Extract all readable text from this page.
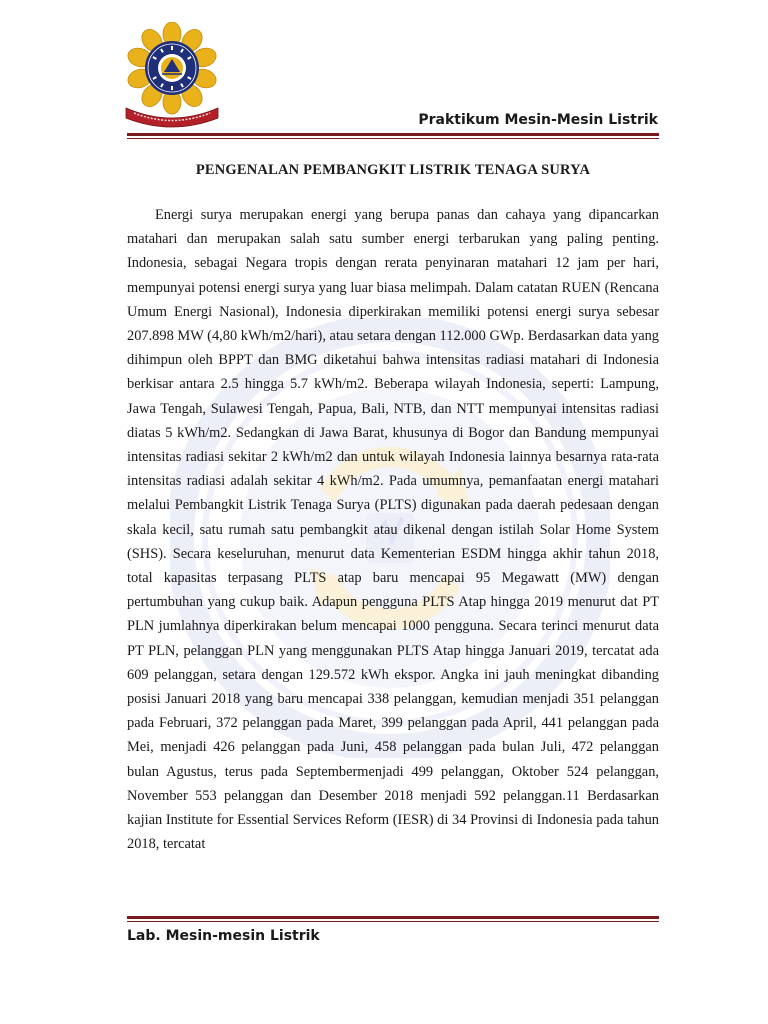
Praktikum Mesin-Mesin Listrik
PENGENALAN PEMBANGKIT LISTRIK TENAGA SURYA

Energi surya merupakan energi yang berupa panas dan cahaya yang dipancarkan matahari dan merupakan salah satu sumber energi terbarukan yang paling penting. Indonesia, sebagai Negara tropis dengan rerata penyinaran matahari 12 jam per hari, mempunyai potensi energi surya yang luar biasa melimpah. Dalam catatan RUEN (Rencana Umum Energi Nasional), Indonesia diperkirakan memiliki potensi energi surya sebesar 207.898 MW (4,80 kWh/m2/hari), atau setara dengan 112.000 GWp. Berdasarkan data yang dihimpun oleh BPPT dan BMG diketahui bahwa intensitas radiasi matahari di Indonesia berkisar antara 2.5 hingga 5.7 kWh/m2. Beberapa wilayah Indonesia, seperti: Lampung, Jawa Tengah, Sulawesi Tengah, Papua, Bali, NTB, dan NTT mempunyai intensitas radiasi diatas 5 kWh/m2. Sedangkan di Jawa Barat, khusunya di Bogor dan Bandung mempunyai intensitas radiasi sekitar 2 kWh/m2 dan untuk wilayah Indonesia lainnya besarnya rata-rata intensitas radiasi adalah sekitar 4 kWh/m2. Pada umumnya, pemanfaatan energi matahari melalui Pembangkit Listrik Tenaga Surya (PLTS) digunakan pada daerah pedesaan dengan skala kecil, satu rumah satu pembangkit atau dikenal dengan istilah Solar Home System (SHS). Secara keseluruhan, menurut data Kementerian ESDM hingga akhir tahun 2018, total kapasitas terpasang PLTS atap baru mencapai 95 Megawatt (MW) dengan pertumbuhan yang cukup baik. Adapun pengguna PLTS Atap hingga 2019 menurut dat PT PLN jumlahnya diperkirakan belum mencapai 1000 pengguna. Secara terinci menurut data PT PLN, pelanggan PLN yang menggunakan PLTS Atap hingga Januari 2019, tercatat ada 609 pelanggan, setara dengan 129.572 kWh ekspor. Angka ini jauh meningkat dibanding posisi Januari 2018 yang baru mencapai 338 pelanggan, kemudian menjadi 351 pelanggan pada Februari, 372 pelanggan pada Maret, 399 pelanggan pada April, 441 pelanggan pada Mei, menjadi 426 pelanggan pada Juni, 458 pelanggan pada bulan Juli, 472 pelanggan bulan Agustus, terus pada Septembermenjadi 499 pelanggan, Oktober 524 pelanggan, November 553 pelanggan dan Desember 2018 menjadi 592 pelanggan.11 Berdasarkan kajian Institute for Essential Services Reform (IESR) di 34 Provinsi di Indonesia pada tahun 2018, tercatat

Lab. Mesin-mesin Listrik
